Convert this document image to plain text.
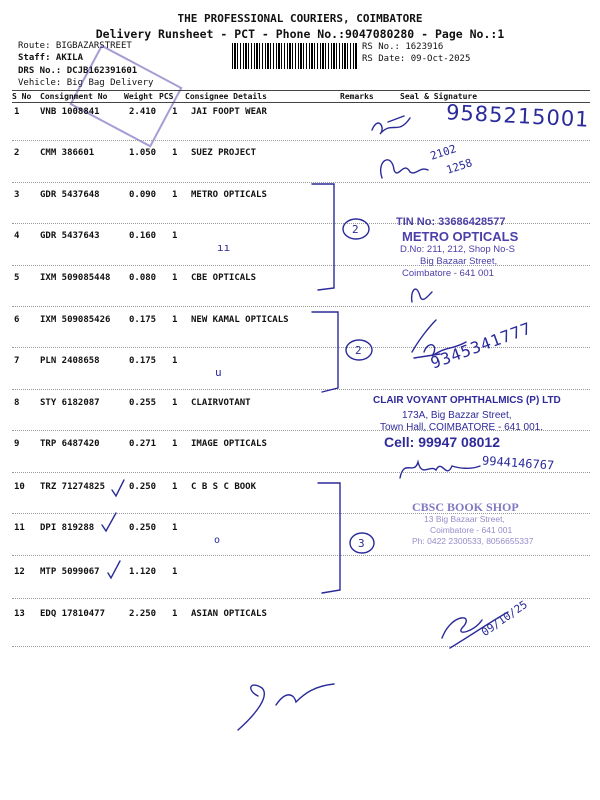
THE PROFESSIONAL COURIERS, COIMBATORE
Delivery Runsheet - PCT - Phone No.:9047080280 - Page No.:1
Route: BIGBAZARSTREET
Staff: AKILA
DRS No.: DCJB162391601
Vehicle: Big Bag Delivery
RS No.: 1623916
RS Date: 09-Oct-2025
S No Consignment No Weight PCS Consignee Details	Remarks	Seal & Signature
1 VNB 1008841	2.410 1 JAI FOOPT WEAR
2 CMM 386601	1.050 1 SUEZ PROJECT
3 GDR 5437648	0.090 1 METRO OPTICALS
4 GDR 5437643	0.160 1
5 IXM 509085448 0.080 1 CBE OPTICALS
6 IXM 509085426 0.175 1 NEW KAMAL OPTICALS
7 PLN 2408658	0.175 1
8 STY 6182087	0.255 1 CLAIRVOTANT
9 TRP 6487420	0.271 1 IMAGE OPTICALS
10 TRZ 71274825	0.250 1 C B S C BOOK
11 DPI 819288	0.250 1
12 MTP 5099067	1.120 1
13 EDQ 17810477	2.250 1 ASIAN OPTICALS
ıı
u
o
9585215001
2102
1258
9345341777
9944146767
09/10/25
2
2
3
TIN No: 33686428577
METRO OPTICALS
D.No: 211, 212, Shop No-S
Big Bazaar Street,
Coimbatore - 641 001
CLAIR VOYANT OPHTHALMICS (P) LTD
173A, Big Bazzar Street,
Town Hall, COIMBATORE - 641 001.
Cell: 99947 08012
CBSC BOOK SHOP
13 Big Bazaar Street,
Coimbatore - 641 001
Ph: 0422 2300533, 8056655337
